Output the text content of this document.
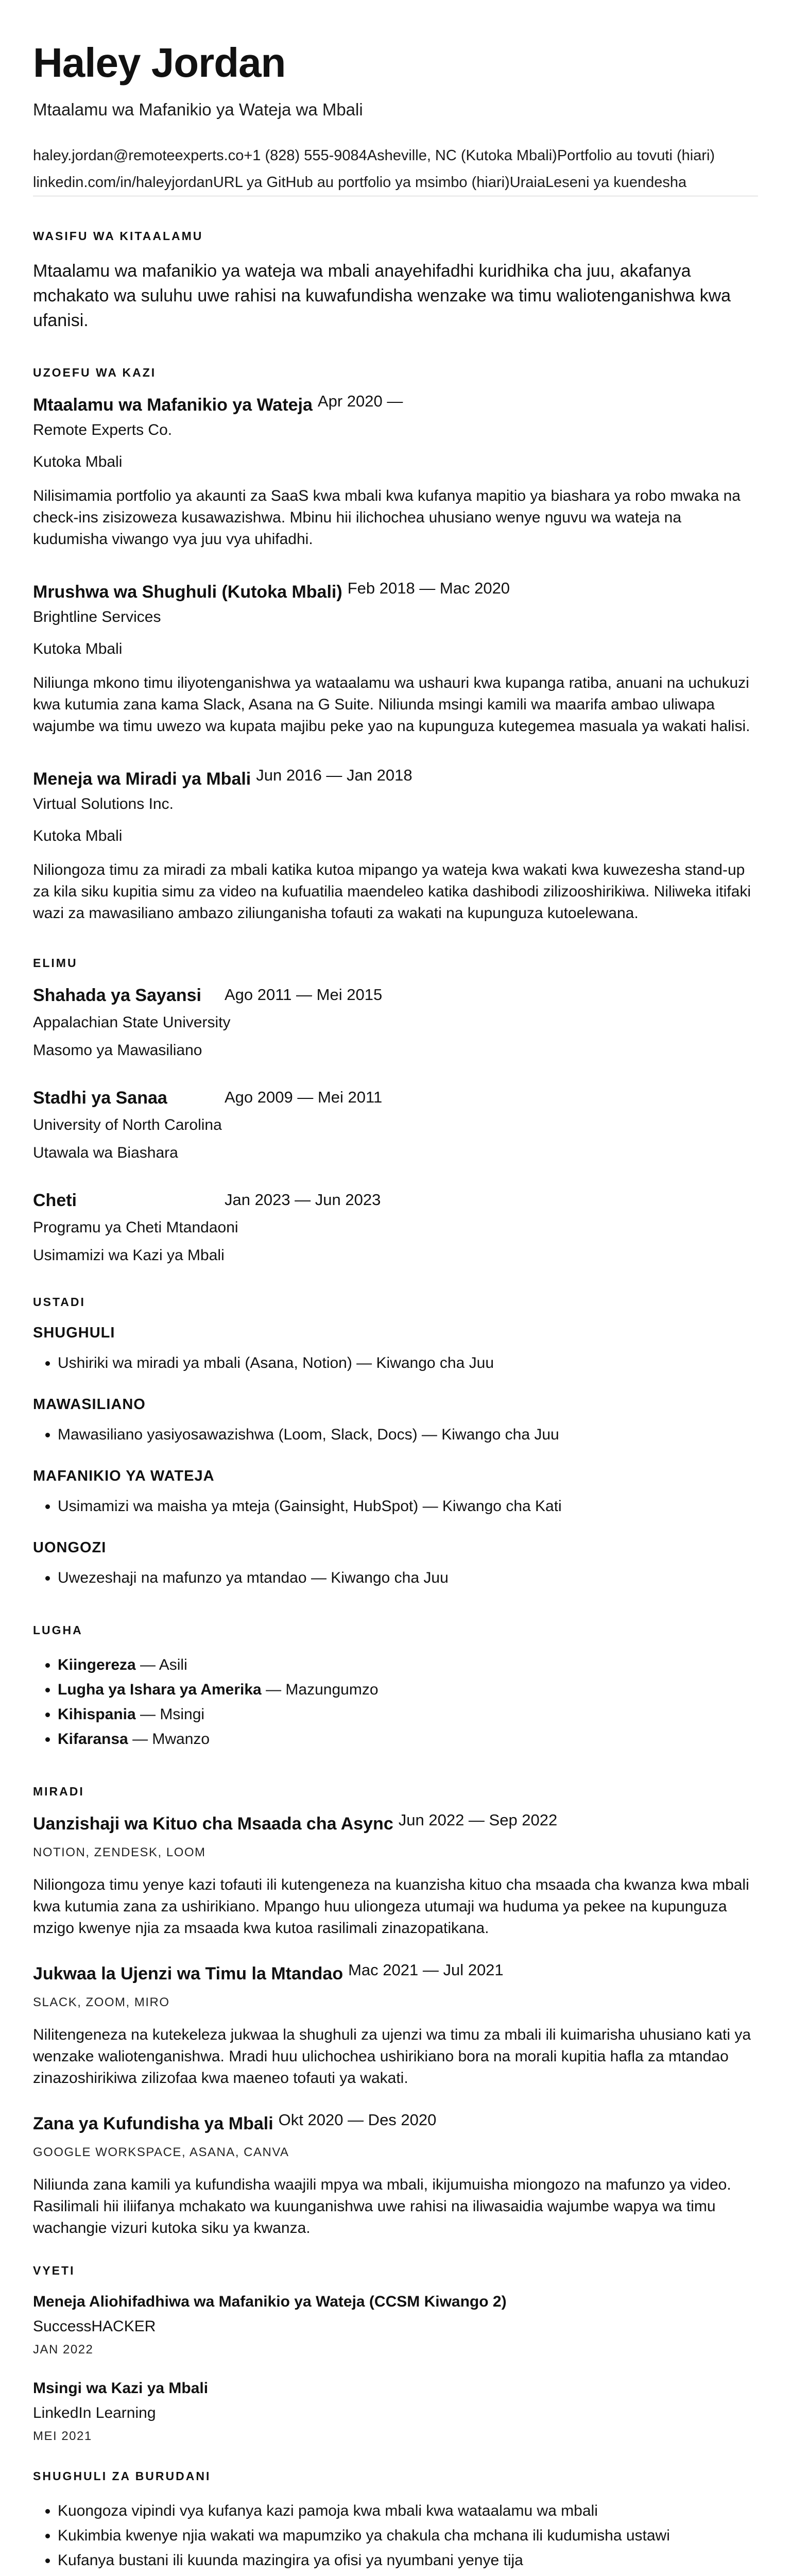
Haley Jordan
Mtaalamu wa Mafanikio ya Wateja wa Mbali
haley.jordan@remoteexperts.co+1 (828) 555-9084Asheville, NC (Kutoka Mbali)Portfolio au tovuti (hiari)
linkedin.com/in/haleyjordanURL ya GitHub au portfolio ya msimbo (hiari)UraiaLeseni ya kuendesha
WASIFU WA KITAALAMU
Mtaalamu wa mafanikio ya wateja wa mbali anayehifadhi kuridhika cha juu, akafanya mchakato wa suluhu uwe rahisi na kuwafundisha wenzake wa timu waliotenganishwa kwa ufanisi.
UZOEFU WA KAZI
Mtaalamu wa Mafanikio ya Wateja Apr 2020 —
Remote Experts Co.
Kutoka Mbali
Nilisimamia portfolio ya akaunti za SaaS kwa mbali kwa kufanya mapitio ya biashara ya robo mwaka na check-ins zisizoweza kusawazishwa. Mbinu hii ilichochea uhusiano wenye nguvu wa wateja na kudumisha viwango vya juu vya uhifadhi.
Mrushwa wa Shughuli (Kutoka Mbali) Feb 2018 — Mac 2020
Brightline Services
Kutoka Mbali
Niliunga mkono timu iliyotenganishwa ya wataalamu wa ushauri kwa kupanga ratiba, anuani na uchukuzi kwa kutumia zana kama Slack, Asana na G Suite. Niliunda msingi kamili wa maarifa ambao uliwapa wajumbe wa timu uwezo wa kupata majibu peke yao na kupunguza kutegemea masuala ya wakati halisi.
Meneja wa Miradi ya Mbali Jun 2016 — Jan 2018
Virtual Solutions Inc.
Kutoka Mbali
Niliongoza timu za miradi za mbali katika kutoa mipango ya wateja kwa wakati kwa kuwezesha stand-up za kila siku kupitia simu za video na kufuatilia maendeleo katika dashibodi zilizooshirikiwa. Niliweka itifaki wazi za mawasiliano ambazo ziliunganisha tofauti za wakati na kupunguza kutoelewana.
ELIMU
Shahada ya Sayansi	Ago 2011 — Mei 2015
Appalachian State University
Masomo ya Mawasiliano
Stadhi ya Sanaa	Ago 2009 — Mei 2011
University of North Carolina
Utawala wa Biashara
Cheti	Jan 2023 — Jun 2023
Programu ya Cheti Mtandaoni
Usimamizi wa Kazi ya Mbali
USTADI
SHUGHULI
• Ushiriki wa miradi ya mbali (Asana, Notion) — Kiwango cha Juu
MAWASILIANO
• Mawasiliano yasiyosawazishwa (Loom, Slack, Docs) — Kiwango cha Juu
MAFANIKIO YA WATEJA
• Usimamizi wa maisha ya mteja (Gainsight, HubSpot) — Kiwango cha Kati
UONGOZI
• Uwezeshaji na mafunzo ya mtandao — Kiwango cha Juu
LUGHA
• Kiingereza — Asili
• Lugha ya Ishara ya Amerika — Mazungumzo
• Kihispania — Msingi
• Kifaransa — Mwanzo
MIRADI
Uanzishaji wa Kituo cha Msaada cha Async Jun 2022 — Sep 2022
NOTION, ZENDESK, LOOM
Niliongoza timu yenye kazi tofauti ili kutengeneza na kuanzisha kituo cha msaada cha kwanza kwa mbali kwa kutumia zana za ushirikiano. Mpango huu uliongeza utumaji wa huduma ya pekee na kupunguza mzigo kwenye njia za msaada kwa kutoa rasilimali zinazopatikana.
Jukwaa la Ujenzi wa Timu la Mtandao Mac 2021 — Jul 2021
SLACK, ZOOM, MIRO
Nilitengeneza na kutekeleza jukwaa la shughuli za ujenzi wa timu za mbali ili kuimarisha uhusiano kati ya wenzake waliotenganishwa. Mradi huu ulichochea ushirikiano bora na morali kupitia hafla za mtandao zinazoshirikiwa zilizofaa kwa maeneo tofauti ya wakati.
Zana ya Kufundisha ya Mbali Okt 2020 — Des 2020
GOOGLE WORKSPACE, ASANA, CANVA
Niliunda zana kamili ya kufundisha waajili mpya wa mbali, ikijumuisha miongozo na mafunzo ya video. Rasilimali hii iliifanya mchakato wa kuunganishwa uwe rahisi na iliwasaidia wajumbe wapya wa timu wachangie vizuri kutoka siku ya kwanza.
VYETI
Meneja Aliohifadhiwa wa Mafanikio ya Wateja (CCSM Kiwango 2)
SuccessHACKER
JAN 2022
Msingi wa Kazi ya Mbali
LinkedIn Learning
MEI 2021
SHUGHULI ZA BURUDANI
• Kuongoza vipindi vya kufanya kazi pamoja kwa mbali kwa wataalamu wa mbali
• Kukimbia kwenye njia wakati wa mapumziko ya chakula cha mchana ili kudumisha ustawi
• Kufanya bustani ili kuunda mazingira ya ofisi ya nyumbani yenye tija
•
